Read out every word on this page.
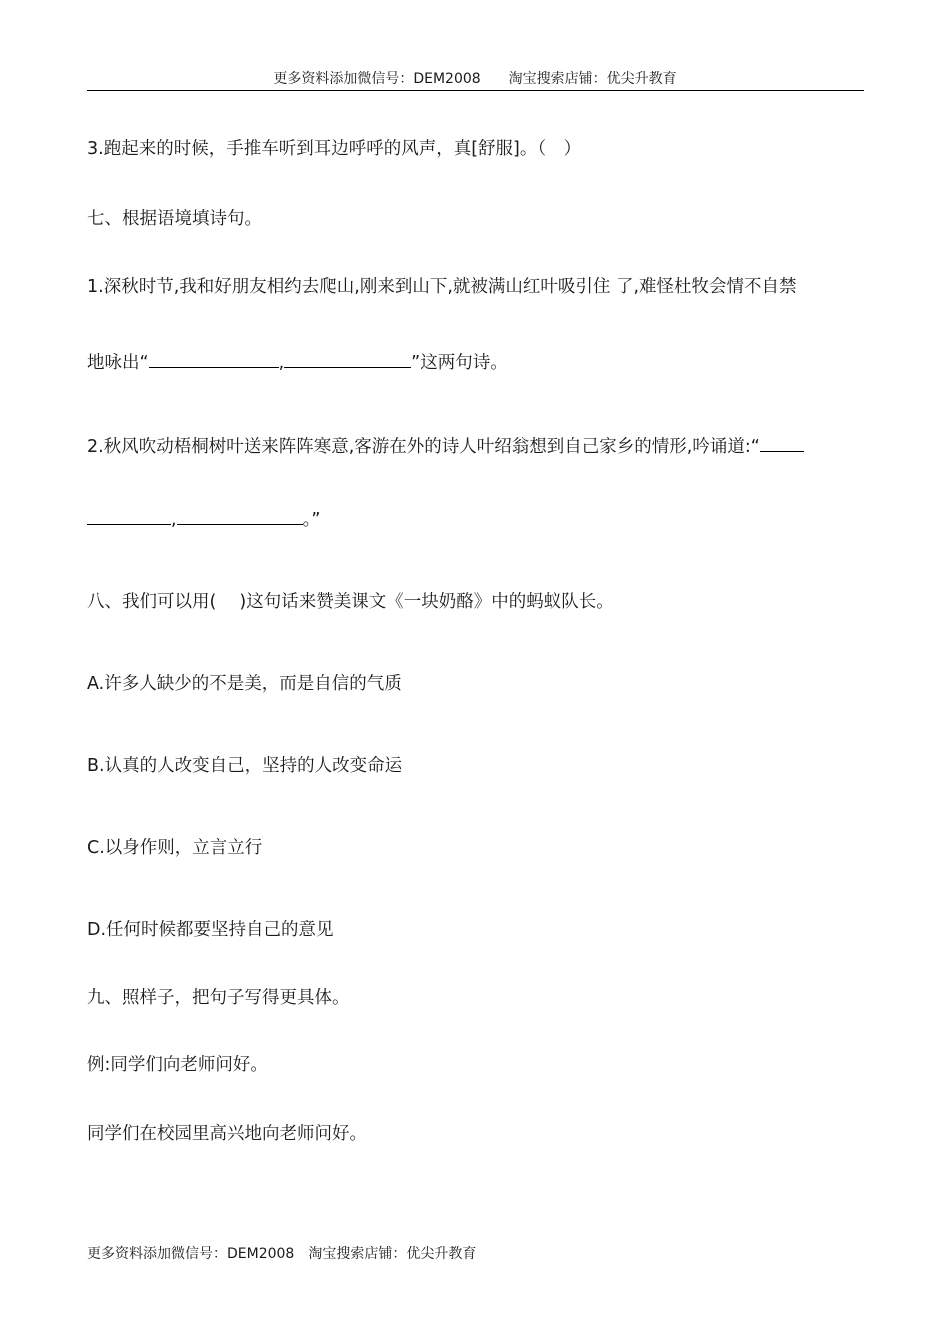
更多资料添加微信号：DEM2008　　淘宝搜索店铺：优尖升教育
3.跑起来的时候，手推车听到耳边呼呼的风声，真[舒服]。（　）
七、根据语境填诗句。
1.深秋时节,我和好朋友相约去爬山,刚来到山下,就被满山红叶吸引住 了,难怪杜牧会情不自禁
地咏出“	,	”这两句诗。
2.秋风吹动梧桐树叶送来阵阵寒意,客游在外的诗人叶绍翁想到自己家乡的情形,吟诵道:“
,	。”
八、我们可以用(　 )这句话来赞美课文《一块奶酪》中的蚂蚁队长。
A.许多人缺少的不是美，而是自信的气质
B.认真的人改变自己，坚持的人改变命运
C.以身作则，立言立行
D.任何时候都要坚持自己的意见
九、照样子，把句子写得更具体。
例:同学们向老师问好。
同学们在校园里高兴地向老师问好。
更多资料添加微信号：DEM2008　淘宝搜索店铺：优尖升教育
